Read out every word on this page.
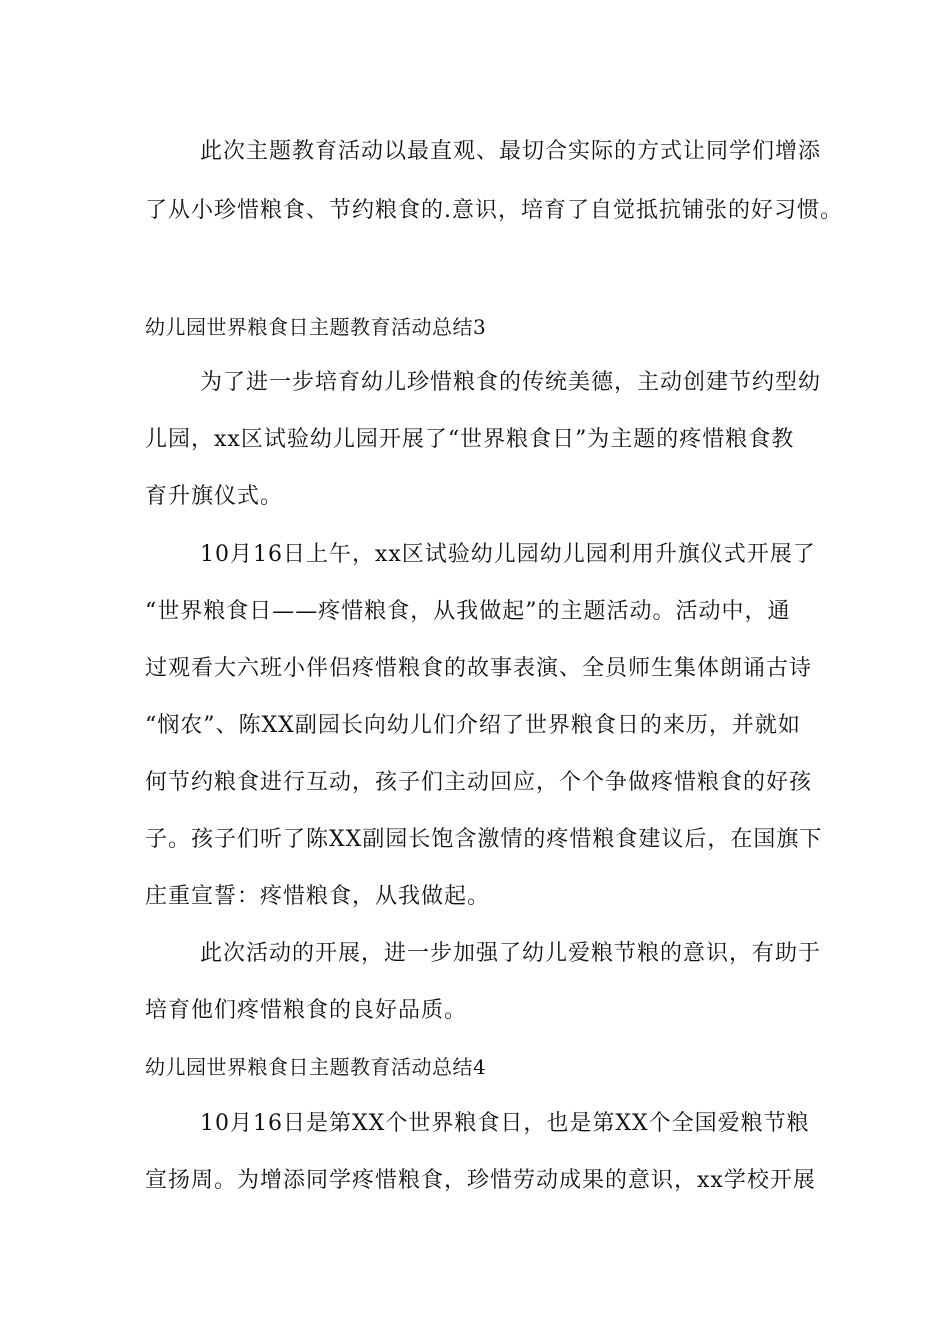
此次主题教育活动以最直观、最切合实际的方式让同学们增添
了从小珍惜粮食、节约粮食的.意识，培育了自觉抵抗铺张的好习惯。
幼儿园世界粮食日主题教育活动总结3
为了进一步培育幼儿珍惜粮食的传统美德，主动创建节约型幼
儿园，xx区试验幼儿园开展了“世界粮食日”为主题的疼惜粮食教
育升旗仪式。
10月16日上午，xx区试验幼儿园幼儿园利用升旗仪式开展了
“世界粮食日——疼惜粮食，从我做起”的主题活动。活动中，通
过观看大六班小伴侣疼惜粮食的故事表演、全员师生集体朗诵古诗
“悯农”、陈XX副园长向幼儿们介绍了世界粮食日的来历，并就如
何节约粮食进行互动，孩子们主动回应，个个争做疼惜粮食的好孩
子。孩子们听了陈XX副园长饱含激情的疼惜粮食建议后，在国旗下
庄重宣誓：疼惜粮食，从我做起。
此次活动的开展，进一步加强了幼儿爱粮节粮的意识，有助于
培育他们疼惜粮食的良好品质。
幼儿园世界粮食日主题教育活动总结4
10月16日是第XX个世界粮食日，也是第XX个全国爱粮节粮
宣扬周。为增添同学疼惜粮食，珍惜劳动成果的意识，xx学校开展
